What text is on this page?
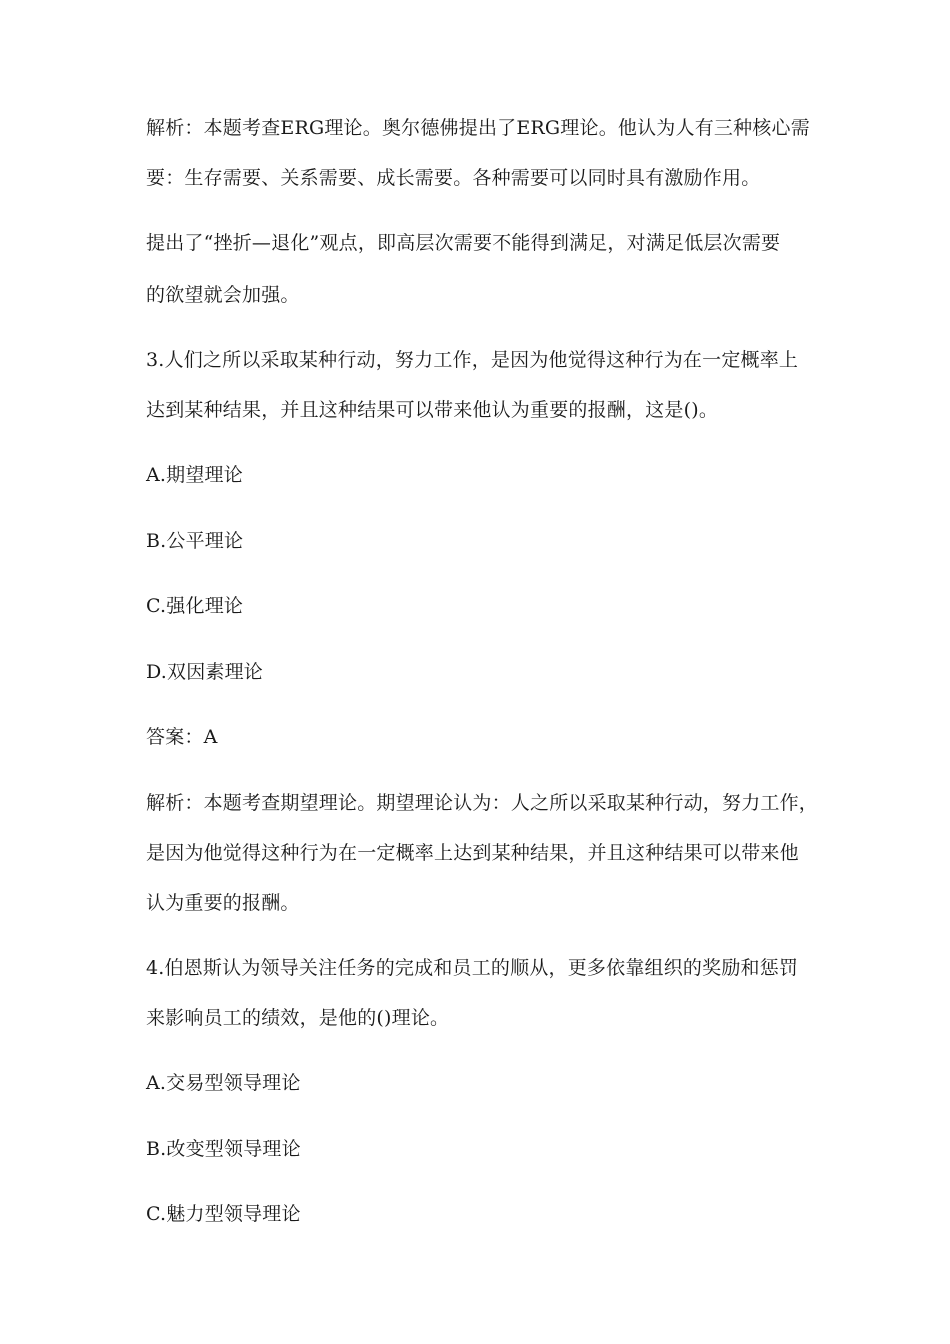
解析：本题考查ERG理论。奥尔德佛提出了ERG理论。他认为人有三种核心需
要：生存需要、关系需要、成长需要。各种需要可以同时具有激励作用。
提出了“挫折—退化”观点，即高层次需要不能得到满足，对满足低层次需要
的欲望就会加强。
3.人们之所以采取某种行动，努力工作，是因为他觉得这种行为在一定概率上
达到某种结果，并且这种结果可以带来他认为重要的报酬，这是()。
A.期望理论
B.公平理论
C.强化理论
D.双因素理论
答案：A
解析：本题考查期望理论。期望理论认为：人之所以采取某种行动，努力工作，
是因为他觉得这种行为在一定概率上达到某种结果，并且这种结果可以带来他
认为重要的报酬。
4.伯恩斯认为领导关注任务的完成和员工的顺从，更多依靠组织的奖励和惩罚
来影响员工的绩效，是他的()理论。
A.交易型领导理论
B.改变型领导理论
C.魅力型领导理论
